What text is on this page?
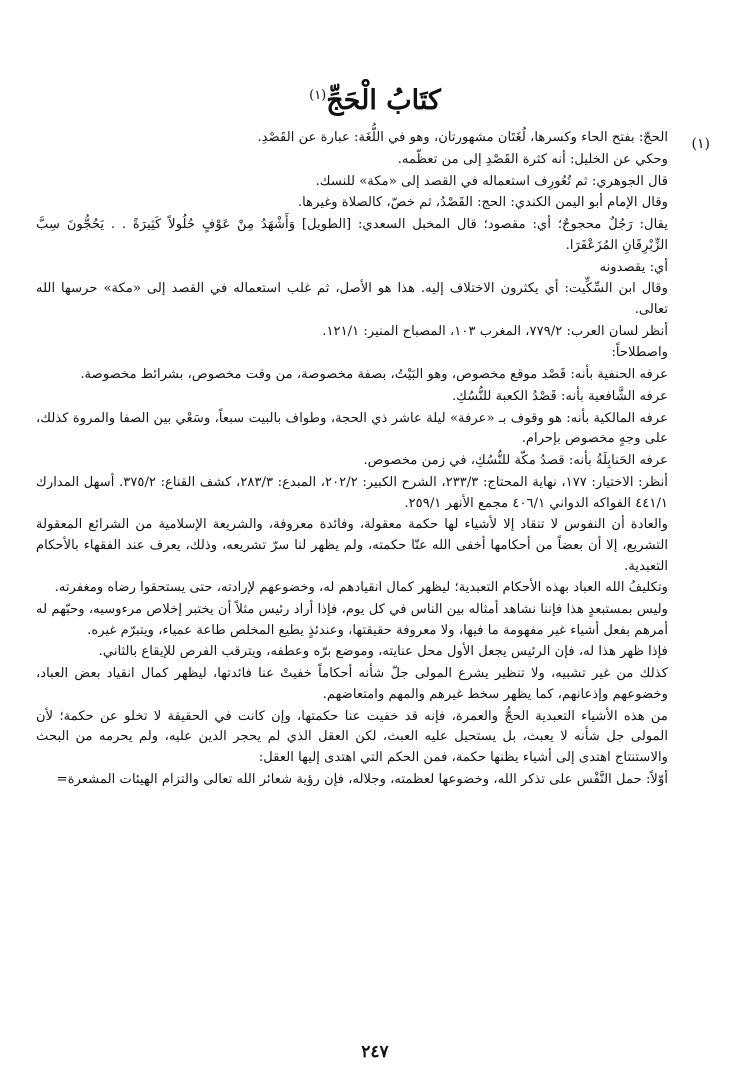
كتَابُ الْحَجِّ$^{(١)}$
(١)

الحجّ: بفتح الحاء وكسرها، لُغَتَان مشهورتان، وهو في اللُّغَة: عبارة عن القَصْدِ.

وحكي عن الخليل: أنه كثرة القَصْدِ إلى من تعظّمه.

قال الجوهري: ثم تُعُورِف استعماله في القصد إلى «مكة» للنسك.

وقال الإمام أبو اليمن الكندي: الحج: القَصْدُ، ثم خصّ، كالصلاة وغيرها.

يقال: رَجُلٌ محجوجٌ؛ أي: مقصود؛ قال المخبل السعدي: [الطويل] وَأَشْهَدُ مِنْ عَوْفٍ حُلُولاً كَثِيرَةً . . يَحُجُّونَ سِبَّ الزِّبْرِقَانِ المُزَعْفَرَا.

أي: يقصدونه

وقال ابن السِّكِّيت: أي يكثرون الاختلاف إليه. هذا هو الأصل، ثم غلب استعماله في القصد إلى «مكة» حرسها الله تعالى.

أنظر لسان العرب: ٧٧٩/٢، المغرب ١٠٣، المصباح المنير: ١٢١/١.

واصطلاحاً:

عرفه الحنفية بأنه: قَصْد موقع مخصوص، وهو البَيْتُ، بصفة مخصوصة، من وقت مخصوص، بشرائط مخصوصة.

عرفه الشَّافعية بأنه: قَصْدُ الكعبة للنُّسُكِ.

عرفه المالكية بأنه: هو وقوف بـ «عرفة» ليلة عاشر ذي الحجة، وطواف بالبيت سبعاً، وسَعْي بين الصفا والمروة كذلك، على وجهٍ مخصوص بإحرام.

عرفه الحَنابِلَةُ بأنه: قصدُ مكّة للنُّسُكِ، في زمن مخصوص.

أنظر: الاختيار: ١٧٧، نهاية المحتاج: ٢٣٣/٣، الشرح الكبير: ٢٠٢/٢، المبدع: ٢٨٣/٣، كشف القناع: ٣٧٥/٢. أسهل المدارك ٤٤١/١ الفواكه الدواني ٤٠٦/١ مجمع الأنهر ٢٥٩/١.

والعادة أن النفوس لا تنقاد إلا لأشياء لها حكمة معقولة، وفائدة معروفة، والشريعة الإسلامية من الشرائع المعقولة التشريع، إلا أن بعضاً من أحكامها أخفى الله عنّا حكمته، ولم يظهر لنا سرّ تشريعه، وذلك، يعرف عند الفقهاء بالأحكام التعبدية.

وتكليفُ الله العباد بهذه الأحكام التعبدية؛ ليظهر كمال انقيادهم له، وخضوعهم لإرادته، حتى يستحقوا رضاه ومغفرته.

وليس بمستبعدٍ هذا فإننا نشاهد أمثاله بين الناس في كل يوم، فإذا أراد رئيس مثلاً أن يختبر إخلاص مرءوسيه، وحبّهم له أمرهم بفعل أشياء غير مفهومة ما فيها، ولا معروفة حقيقتها، وعندئذٍ يطيع المخلص طاعة عمياء، ويتبرّم غيره.

فإذا ظهر هذا له، فإن الرئيس يجعل الأول محل عنايته، وموضع برّه وعطفه، ويترقب الفرص للإيقاع بالثاني.

كذلك من غير تشبيه، ولا تنظير يشرع المولى جلّ شأنه أحكاماً خفيتْ عنا فائدتها، ليظهر كمال انقياد بعض العباد، وخضوعهم وإذعانهم، كما يظهر سخط غيرهم والمهم وامتعاضهم.

من هذه الأشياء التعبدية الحجُّ والعمرة، فإنه قد خفيت عنا حكمتها، وإن كانت في الحقيقة لا تخلو عن حكمة؛ لأن المولى جل شأنه لا يعبث، بل يستحيل عليه العبث، لكن العقل الذي لم يحجر الدين عليه، ولم يحرمه من البحث والاستنتاج اهتدى إلى أشياء يظنها حكمة، فمن الحكم التي اهتدى إليها العقل:

أوّلاً: حمل النَّفْس على تذكر الله، وخضوعها لعظمته، وجلاله، فإن رؤية شعائر الله تعالى والتزام الهيئات المشعرة=

٢٤٧
